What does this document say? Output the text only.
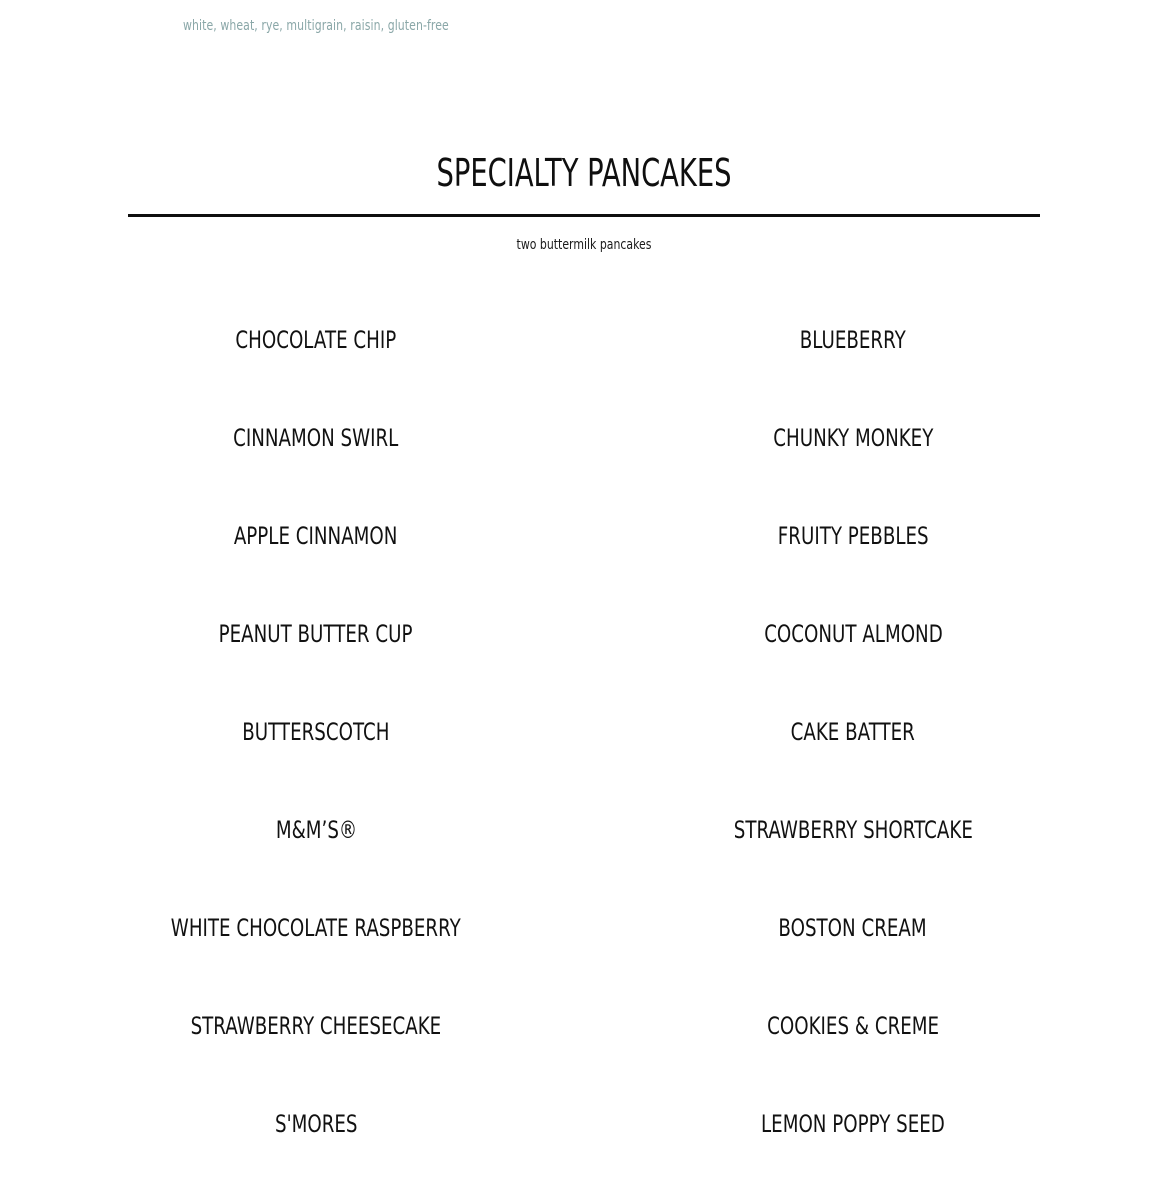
white, wheat, rye, multigrain, raisin, gluten-free
SPECIALTY PANCAKES
two buttermilk pancakes
CHOCOLATE CHIP
CINNAMON SWIRL
APPLE CINNAMON
PEANUT BUTTER CUP
BUTTERSCOTCH
M&M’S®
WHITE CHOCOLATE RASPBERRY
STRAWBERRY CHEESECAKE
S'MORES
BLUEBERRY
CHUNKY MONKEY
FRUITY PEBBLES
COCONUT ALMOND
CAKE BATTER
STRAWBERRY SHORTCAKE
BOSTON CREAM
COOKIES & CREME
LEMON POPPY SEED
